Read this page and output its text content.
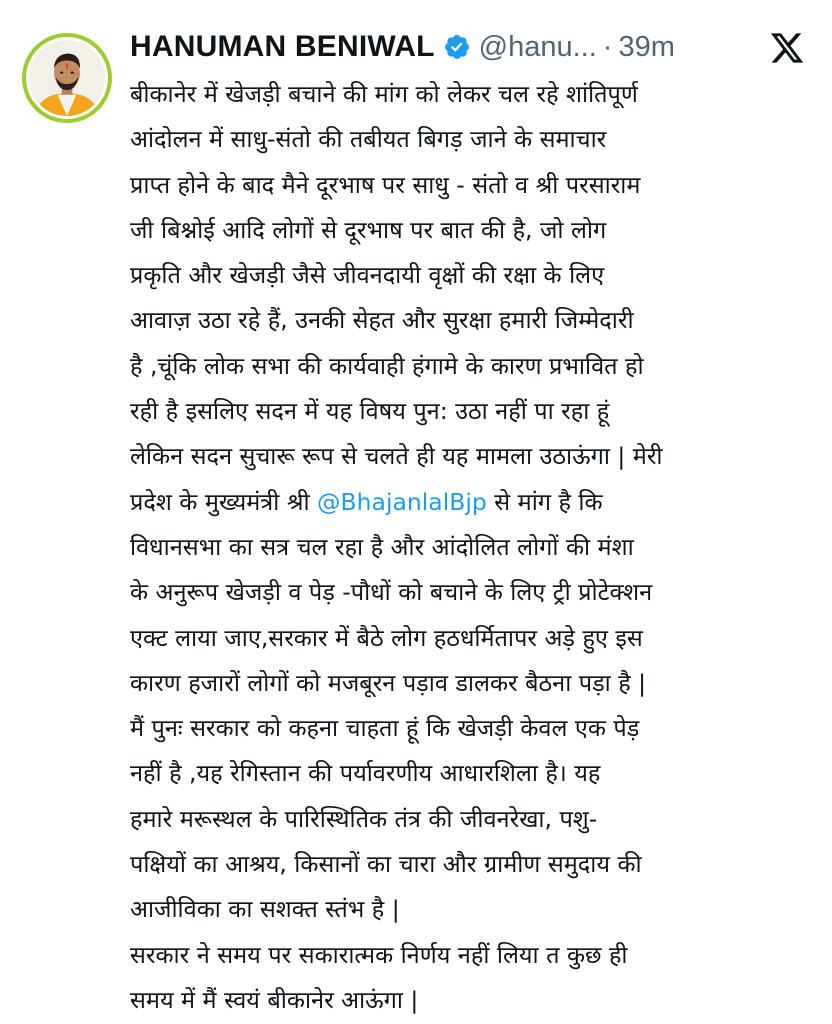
HANUMAN BENIWAL @hanu... · 39m
बीकानेर में खेजड़ी बचाने की मांग को लेकर चल रहे शांतिपूर्ण
आंदोलन में साधु-संतो की तबीयत बिगड़ जाने के समाचार
प्राप्त होने के बाद मैने दूरभाष पर साधु - संतो व श्री परसाराम
जी बिश्नोई आदि लोगों से दूरभाष पर बात की है, जो लोग
प्रकृति और खेजड़ी जैसे जीवनदायी वृक्षों की रक्षा के लिए
आवाज़ उठा रहे हैं, उनकी सेहत और सुरक्षा हमारी जिम्मेदारी
है ,चूंकि लोक सभा की कार्यवाही हंगामे के कारण प्रभावित हो
रही है इसलिए सदन में यह विषय पुन: उठा नहीं पा रहा हूं
लेकिन सदन सुचारू रूप से चलते ही यह मामला उठाऊंगा | मेरी
प्रदेश के मुख्यमंत्री श्री @BhajanlalBjp से मांग है कि
विधानसभा का सत्र चल रहा है और आंदोलित लोगों की मंशा
के अनुरूप खेजड़ी व पेड़ -पौधों को बचाने के लिए ट्री प्रोटेक्शन
एक्ट लाया जाए,सरकार में बैठे लोग हठधर्मितापर अड़े हुए इस
कारण हजारों लोगों को मजबूरन पड़ाव डालकर बैठना पड़ा है |
मैं पुनः सरकार को कहना चाहता हूं कि खेजड़ी केवल एक पेड़
नहीं है ,यह रेगिस्तान की पर्यावरणीय आधारशिला है। यह
हमारे मरूस्थल के पारिस्थितिक तंत्र की जीवनरेखा, पशु-
पक्षियों का आश्रय, किसानों का चारा और ग्रामीण समुदाय की
आजीविका का सशक्त स्तंभ है |
सरकार ने समय पर सकारात्मक निर्णय नहीं लिया त कुछ ही
समय में मैं स्वयं बीकानेर आऊंगा |
